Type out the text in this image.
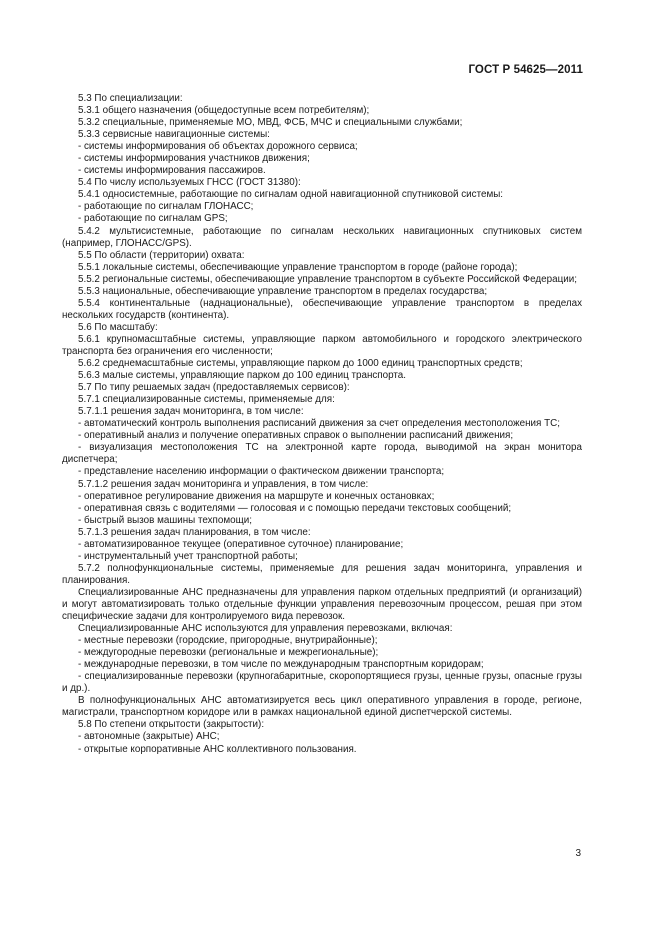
ГОСТ Р 54625—2011

5.3 По специализации:

5.3.1 общего назначения (общедоступные всем потребителям);

5.3.2 специальные, применяемые МО, МВД, ФСБ, МЧС и специальными службами;

5.3.3 сервисные навигационные системы:

- системы информирования об объектах дорожного сервиса;

- системы информирования участников движения;

- системы информирования пассажиров.

5.4 По числу используемых ГНСС (ГОСТ 31380):

5.4.1 односистемные, работающие по сигналам одной навигационной спутниковой системы:

- работающие по сигналам ГЛОНАСС;

- работающие по сигналам GPS;

5.4.2 мультисистемные, работающие по сигналам нескольких навигационных спутниковых систем (например, ГЛОНАСС/GPS).

5.5 По области (территории) охвата:

5.5.1 локальные системы, обеспечивающие управление транспортом в городе (районе города);

5.5.2 региональные системы, обеспечивающие управление транспортом в субъекте Российской Федерации;

5.5.3 национальные, обеспечивающие управление транспортом в пределах государства;

5.5.4 континентальные (наднациональные), обеспечивающие управление транспортом в пределах нескольких государств (континента).

5.6 По масштабу:

5.6.1 крупномасштабные системы, управляющие парком автомобильного и городского электрического транспорта без ограничения его численности;

5.6.2 среднемасштабные системы, управляющие парком до 1000 единиц транспортных средств;

5.6.3 малые системы, управляющие парком до 100 единиц транспорта.

5.7 По типу решаемых задач (предоставляемых сервисов):

5.7.1 специализированные системы, применяемые для:

5.7.1.1 решения задач мониторинга, в том числе:

- автоматический контроль выполнения расписаний движения за счет определения местоположения ТС;

- оперативный анализ и получение оперативных справок о выполнении расписаний движения;

- визуализация местоположения ТС на электронной карте города, выводимой на экран монитора диспетчера;

- представление населению информации о фактическом движении транспорта;

5.7.1.2 решения задач мониторинга и управления, в том числе:

- оперативное регулирование движения на маршруте и конечных остановках;

- оперативная связь с водителями — голосовая и с помощью передачи текстовых сообщений;

- быстрый вызов машины техпомощи;

5.7.1.3 решения задач планирования, в том числе:

- автоматизированное текущее (оперативное суточное) планирование;

- инструментальный учет транспортной работы;

5.7.2 полнофункциональные системы, применяемые для решения задач мониторинга, управления и планирования.

Специализированные АНС предназначены для управления парком отдельных предприятий (и организаций) и могут автоматизировать только отдельные функции управления перевозочным процессом, решая при этом специфические задачи для контролируемого вида перевозок.

Специализированные АНС используются для управления перевозками, включая:

- местные перевозки (городские, пригородные, внутрирайонные);

- междугородные перевозки (региональные и межрегиональные);

- международные перевозки, в том числе по международным транспортным коридорам;

- специализированные перевозки (крупногабаритные, скоропортящиеся грузы, ценные грузы, опасные грузы и др.).

В полнофункциональных АНС автоматизируется весь цикл оперативного управления в городе, регионе, магистрали, транспортном коридоре или в рамках национальной единой диспетчерской системы.

5.8 По степени открытости (закрытости):

- автономные (закрытые) АНС;

- открытые корпоративные АНС коллективного пользования.

3
